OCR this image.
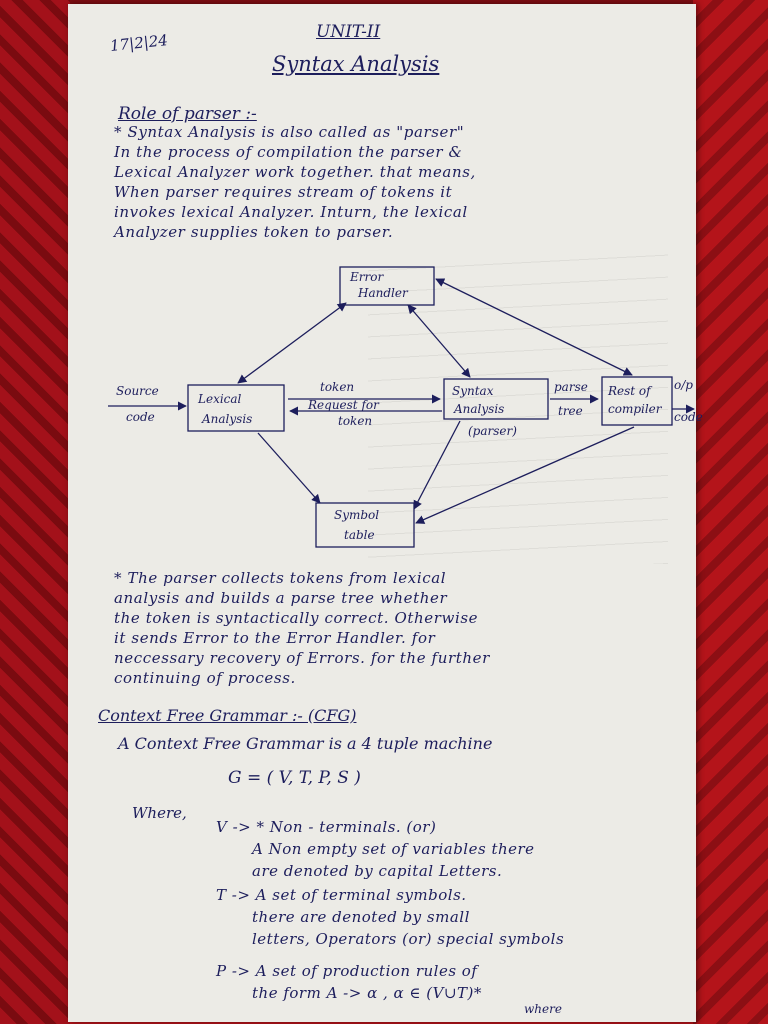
17|2|24	UNIT-II
Syntax Analysis
Role of parser :-
* Syntax Analysis is also called as "parser"
In the process of compilation the parser &
Lexical Analyzer work together. that means,
When parser requires stream of tokens it
invokes lexical Analyzer. Inturn, the lexical
Analyzer supplies token to parser.
Error
Handler
Lexical
Analysis
Syntax
Analysis
(parser)
Rest of
compiler
Symbol
table
Source
code
o/p
code
token
Request for
token
parse
tree
* The parser collects tokens from lexical
analysis and builds a parse tree whether
the token is syntactically correct. Otherwise
it sends Error to the Error Handler. for
neccessary recovery of Errors. for the further
continuing of process.
Context Free Grammar :- (CFG)
A Context Free Grammar is a 4 tuple machine
G = ( V, T, P, S )
Where,
V -> * Non - terminals. (or)
A Non empty set of variables there
are denoted by capital Letters.
T -> A set of terminal symbols.
there are denoted by small
letters, Operators (or) special symbols
P -> A set of production rules of
the form A -> α , α ∈ (V∪T)*
where
